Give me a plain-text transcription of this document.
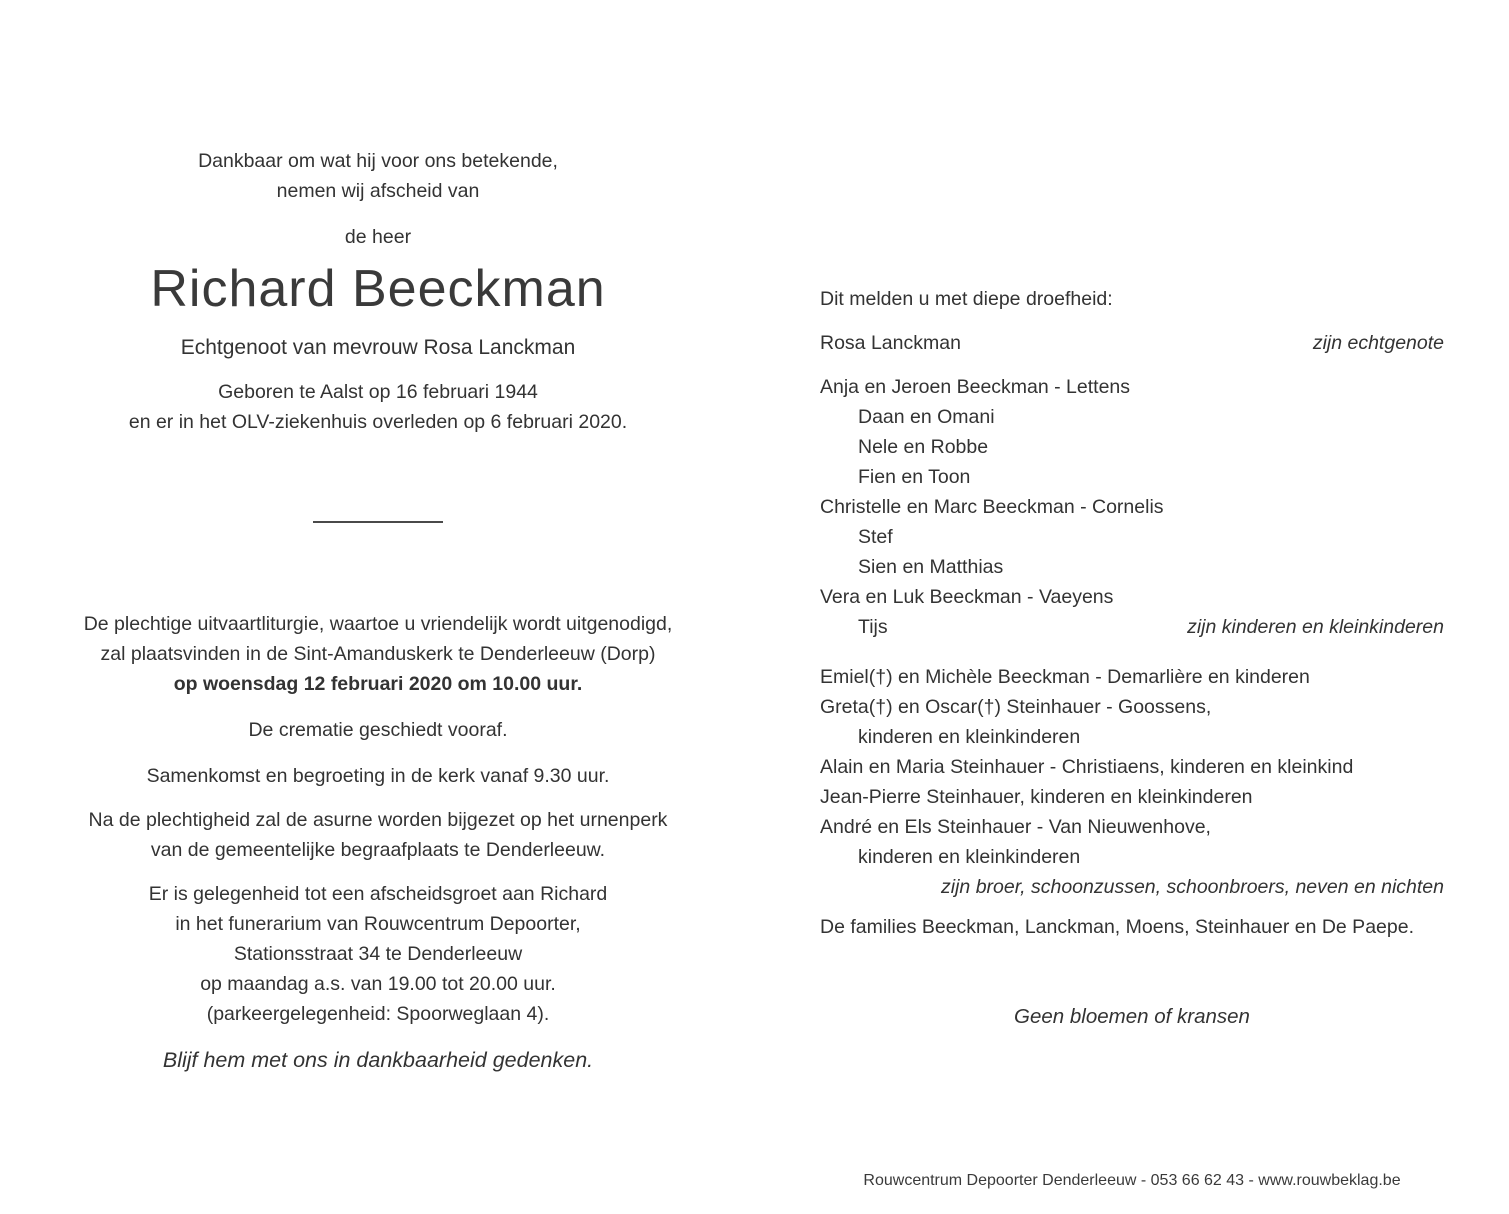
Dankbaar om wat hij voor ons betekende,
nemen wij afscheid van
de heer
Richard Beeckman
Echtgenoot van mevrouw Rosa Lanckman
Geboren te Aalst op 16 februari 1944
en er in het OLV-ziekenhuis overleden op 6 februari 2020.
De plechtige uitvaartliturgie, waartoe u vriendelijk wordt uitgenodigd,
zal plaatsvinden in de Sint-Amanduskerk te Denderleeuw (Dorp)
op woensdag 12 februari 2020 om 10.00 uur.
De crematie geschiedt vooraf.
Samenkomst en begroeting in de kerk vanaf 9.30 uur.
Na de plechtigheid zal de asurne worden bijgezet op het urnenperk
van de gemeentelijke begraafplaats te Denderleeuw.
Er is gelegenheid tot een afscheidsgroet aan Richard
in het funerarium van Rouwcentrum Depoorter,
Stationsstraat 34 te Denderleeuw
op maandag a.s. van 19.00 tot 20.00 uur.
(parkeergelegenheid: Spoorweglaan 4).
Blijf hem met ons in dankbaarheid gedenken.
Dit melden u met diepe droefheid:
Rosa Lanckman	zijn echtgenote
Anja en Jeroen Beeckman - Lettens
Daan en Omani
Nele en Robbe
Fien en Toon
Christelle en Marc Beeckman - Cornelis
Stef
Sien en Matthias
Vera en Luk Beeckman - Vaeyens
Tijs	zijn kinderen en kleinkinderen
Emiel(†) en Michèle Beeckman - Demarlière en kinderen
Greta(†) en Oscar(†) Steinhauer - Goossens,
kinderen en kleinkinderen
Alain en Maria Steinhauer - Christiaens, kinderen en kleinkind
Jean-Pierre Steinhauer, kinderen en kleinkinderen
André en Els Steinhauer - Van Nieuwenhove,
kinderen en kleinkinderen
zijn broer, schoonzussen, schoonbroers, neven en nichten
De families Beeckman, Lanckman, Moens, Steinhauer en De Paepe.
Geen bloemen of kransen
Rouwcentrum Depoorter Denderleeuw - 053 66 62 43 - www.rouwbeklag.be
